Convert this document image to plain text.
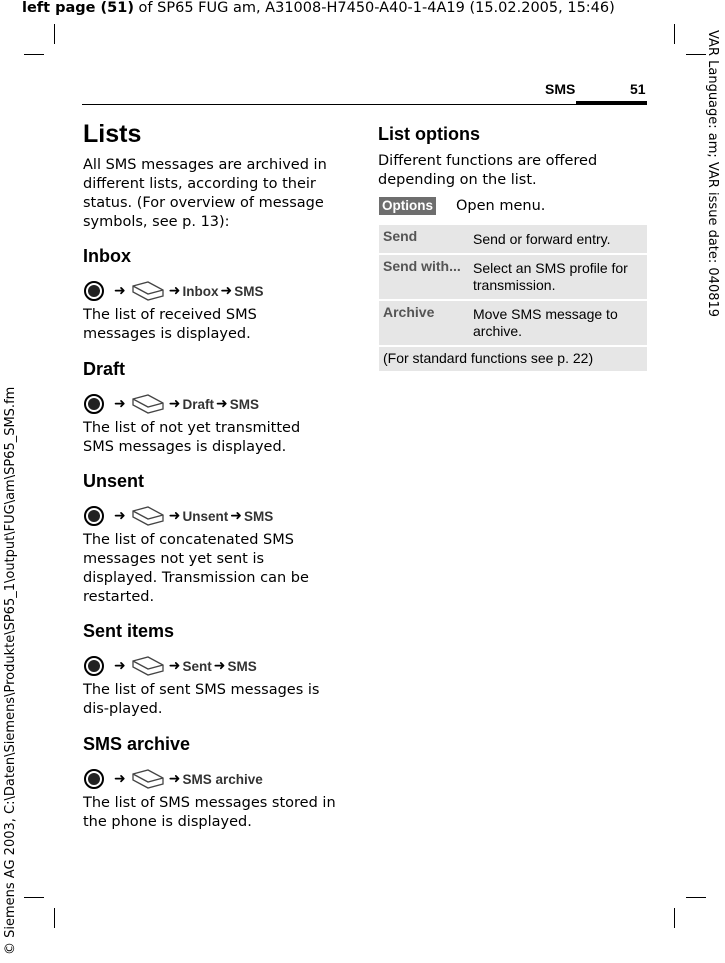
left page (51) of SP65 FUG am, A31008-H7450-A40-1-4A19 (15.02.2005, 15:46)
VAR Language: am; VAR issue date: 040819
© Siemens AG 2003, C:\Daten\Siemens\Produkte\SP65_1\output\FUG\am\SP65_SMS.fm
SMS	51
Lists
All SMS messages are archived in different lists, according to their status. (For overview of message symbols, see p. 13):
Inbox
➜	➜ Inbox ➜ SMS
The list of received SMS messages is displayed.
Draft
➜	➜ Draft ➜ SMS
The list of not yet transmitted SMS messages is displayed.
Unsent
➜	➜ Unsent ➜ SMS
The list of concatenated SMS messages not yet sent is displayed. Transmission can be restarted.
Sent items
➜	➜ Sent ➜ SMS
The list of sent SMS messages is dis-played.
SMS archive
➜	➜ SMS archive
The list of SMS messages stored in the phone is displayed.
List options
Different functions are offered depending on the list.
Options Open menu.
Send	Send or forward entry.
Send with... Select an SMS profile for transmission.
Archive	Move SMS message to archive.
(For standard functions see p. 22)
